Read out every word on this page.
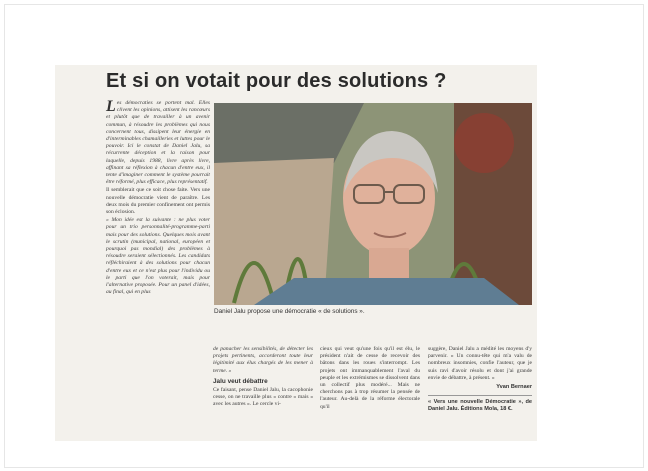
Et si on votait pour des solutions ?

Les démocraties se portent mal. Elles clivent les opinions, attisent les rancœurs et plutôt que de travailler à un avenir commun, à résoudre les problèmes qui nous concernent tous, dissipent leur énergie en d'interminables chamailleries et luttes pour le pouvoir. Ici le constat de Daniel Jalu, sa récurrente déception et la raison pour laquelle, depuis 1988, livre après livre, affinant sa réflexion à chacun d'entre eux, il tente d'imaginer comment le système pourrait être réformé, plus efficace, plus représentatif.

Il semblerait que ce soit chose faite. Vers une nouvelle démocratie vient de paraître. Les deux mois du premier confinement ont permis son éclosion.

« Mon idée est la suivante : ne plus voter pour un trio personnalité-programme-parti mais pour des solutions. Quelques mois avant le scrutin (municipal, national, européen et pourquoi pas mondial) des problèmes à résoudre seraient sélectionnés. Les candidats réfléchiraient à des solutions pour chacun d'entre eux et ce n'est plus pour l'individu ou le parti que l'on voterait, mais pour l'alternative proposée. Pour un panel d'idées, au final, qui en plus

Daniel Jalu propose une démocratie « de solutions ».

de panacher les sensibilités, de détecter les projets pertinents, accorderont toute leur légitimité aux élus chargés de les mener à terme. »

Jalu veut débattre

Ce faisant, pense Daniel Jalu, la cacophonie cesse, on ne travaille plus « contre » mais « avec les autres ». Le cercle vi-

cieux qui veut qu'une fois qu'il est élu, le président n'ait de cesse de recevoir des bâtons dans les roues s'interrompt. Les projets ont immanquablement l'aval du peuple et les extrémismes se dissolvent dans un collectif plus modéré... Mais ne cherchons pas à trop résumer la pensée de l'auteur. Au-delà de la réforme électorale qu'il

suggère, Daniel Jalu a médité les moyens d'y parvenir. « Un connu-tête qui m'a valu de nombreux insomnies, confie l'auteur, que je suis ravi d'avoir résolu et dont j'ai grande envie de débattre, à présent. »

Yvan Bernaer
« Vers une nouvelle Démocratie », de Daniel Jalu. Éditions Mola, 18 €.
